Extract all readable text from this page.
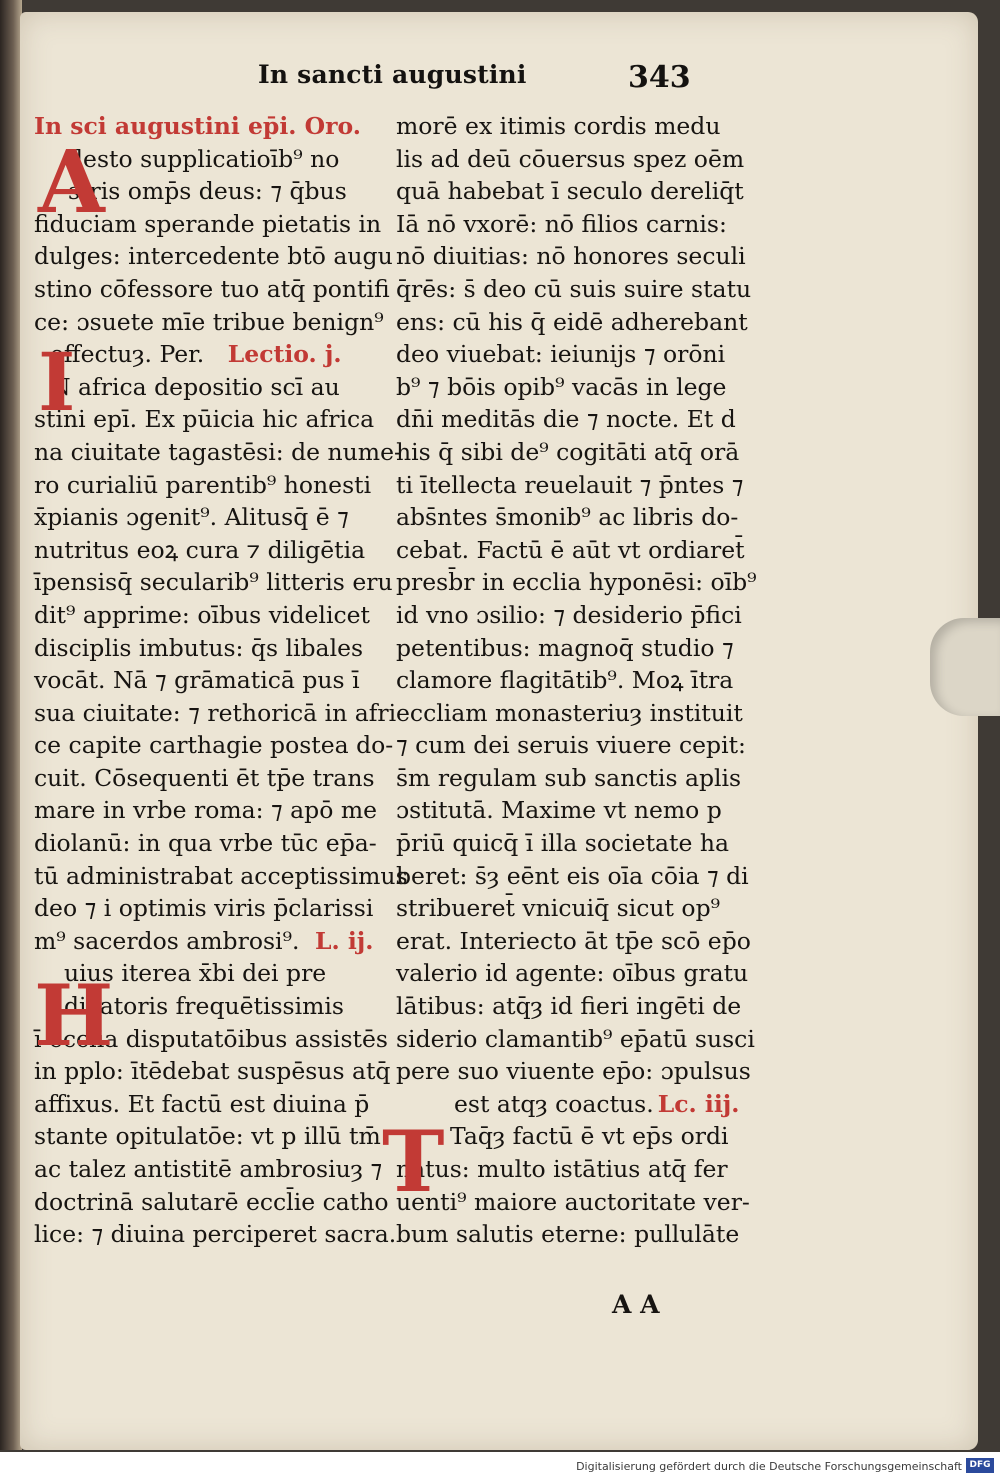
In sancti augustini	343
In sci augustini ep̄i. Oro.
desto supplicatioīb⁹ no
stris omp̄s deus: ⁊ q̄bus
fiduciam sperande pietatis in
dulges: intercedente btō augu
stino cōfessore tuo atq̄ pontifi
ce: ɔsuete mīe tribue benign⁹
effectuȝ. Per. Lectio. j.
N africa depositio scī au
stini epī. Ex pūicia hic africa
na ciuitate tagastēsi: de nume-
ro curialiū parentib⁹ honesti
x̄pianis ɔgenit⁹. Alitusq̄ ē ⁊
nutritus eoꝝ cura ⁊ diligētia
īpensisq̄ secularib⁹ litteris eru
dit⁹ apprime: oībus videlicet
disciplis imbutus: q̄s libales
vocāt. Nā ⁊ grāmaticā pus ī
sua ciuitate: ⁊ rethoricā in afri
ce capite carthagie postea do-
cuit. Cōsequenti ēt tp̄e trans
mare in vrbe roma: ⁊ apō me
diolanū: in qua vrbe tūc ep̄a-
tū administrabat acceptissimus
deo ⁊ i optimis viris p̄clarissi
m⁹ sacerdos ambrosi⁹. L. ij.
uius iterea x̄bi dei pre
dicatoris frequētissimis
ī ecclia disputatōibus assistēs
in pplo: ītēdebat suspēsus atq̄
affixus. Et factū est diuina p̄
stante opitulatōe: vt p illū tm̄
ac talez antistitē ambrosiuȝ ⁊
doctrinā salutarē eccl̄ie catho
lice: ⁊ diuina perciperet sacra.
morē ex itimis cordis medu
lis ad deū cōuersus spez oēm
quā habebat ī seculo dereliq̄t
Iā nō vxorē: nō filios carnis:
nō diuitias: nō honores seculi
q̄rēs: s̄ deo cū suis suire statu
ens: cū his q̄ eidē adherebant
deo viuebat: ieiunijs ⁊ orōni
b⁹ ⁊ bōis opib⁹ vacās in lege
dn̄i meditās die ⁊ nocte. Et d
his q̄ sibi de⁹ cogitāti atq̄ orā
ti ītellecta reuelauit ⁊ p̄ntes ⁊
abs̄ntes s̄monib⁹ ac libris do-
cebat. Factū ē aūt vt ordiaret̄
presb̄r in ecclia hyponēsi: oīb⁹
id vno ɔsilio: ⁊ desiderio p̄fici
petentibus: magnoq̄ studio ⁊
clamore flagitātib⁹. Moꝝ ītra
eccliam monasteriuȝ instituit
⁊ cum dei seruis viuere cepit:
s̄m regulam sub sanctis aplis
ɔstitutā. Maxime vt nemo p
p̄riū quicq̄ ī illa societate ha
beret: s̄ȝ eēnt eis oīa cōia ⁊ di
stribueret̄ vnicuiq̄ sicut op⁹
erat. Interiecto āt tp̄e scō ep̄o
valerio id agente: oībus gratu
lātibus: atq̄ȝ id fieri ingēti de
siderio clamantib⁹ ep̄atū susci
pere suo viuente ep̄o: ɔpulsus
est atqȝ coactus. Lc. iij.
Taq̄ȝ factū ē vt ep̄s ordi
natus: multo istātius atq̄ fer
uenti⁹ maiore auctoritate ver-
bum salutis eterne: pullulāte
A
I
H
T
A A
Digitalisierung gefördert durch die Deutsche Forschungsgemeinschaft DFG
